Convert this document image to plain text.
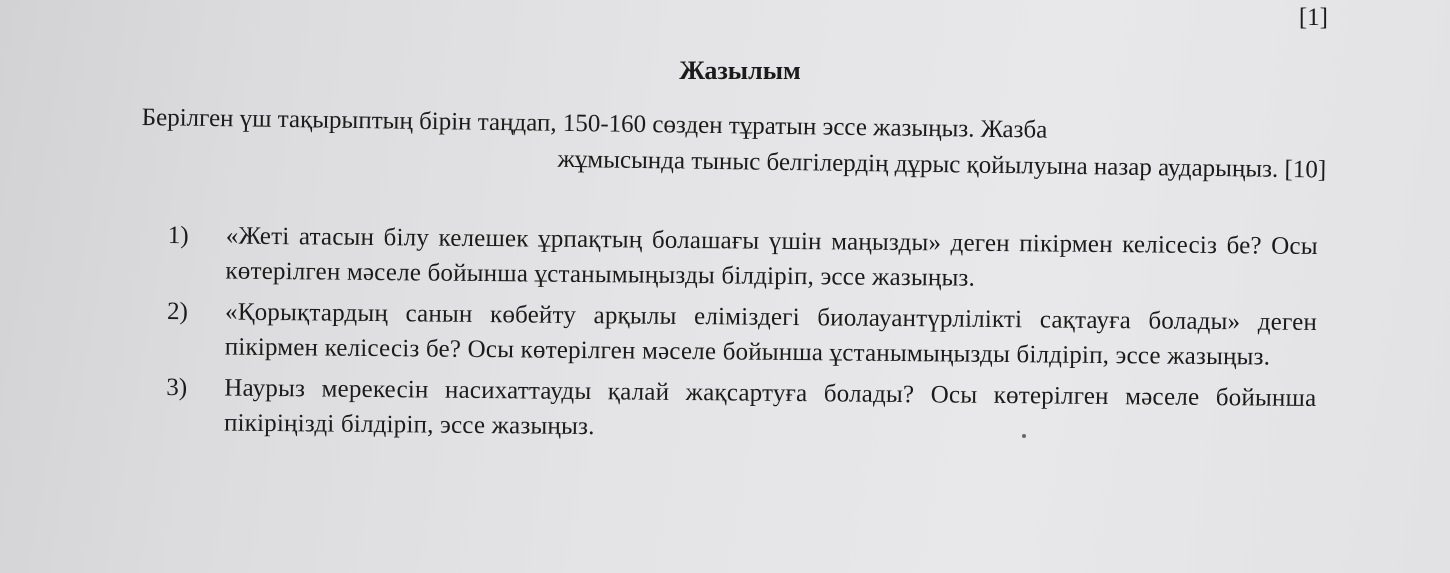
[1]
Жазылым
Берілген үш тақырыптың бірін таңдап, 150-160 сөзден тұратын эссе жазыңыз. Жазба
жұмысында тыныс белгілердің дұрыс қойылуына назар аударыңыз. [10]
1)	«Жеті атасын білу келешек ұрпақтың болашағы үшін маңызды» деген пікірмен келісесіз бе? Осы көтерілген мәселе бойынша ұстанымыңызды білдіріп, эссе жазыңыз.
2)	«Қорықтардың санын көбейту арқылы еліміздегі биолауантүрлілікті сақтауға болады» деген пікірмен келісесіз бе? Осы көтерілген мәселе бойынша ұстанымыңызды білдіріп, эссе жазыңыз.
3)	Наурыз мерекесін насихаттауды қалай жақсартуға болады? Осы көтерілген мәселе бойынша пікіріңізді білдіріп, эссе жазыңыз.
